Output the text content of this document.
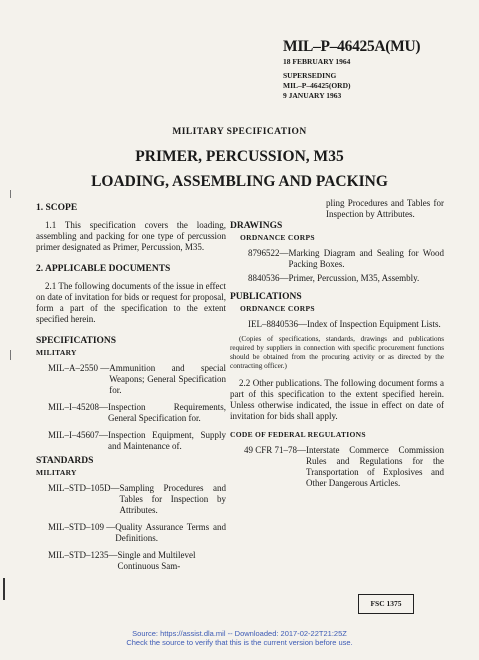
MIL–P–46425A(MU)
18 FEBRUARY 1964
SUPERSEDING
MIL–P–46425(ORD)
9 JANUARY 1963
MILITARY SPECIFICATION
PRIMER, PERCUSSION, M35
LOADING, ASSEMBLING AND PACKING

1. SCOPE

1.1 This specification covers the loading, assembling and packing for one type of percussion primer designated as Primer, Percussion, M35.

2. APPLICABLE DOCUMENTS

2.1 The following documents of the issue in effect on date of invitation for bids or request for proposal, form a part of the specification to the extent specified herein.

SPECIFICATIONS

MILITARY

MIL–A–2550 — Ammunition and special Weapons; General Specification for.
MIL–I–45208— Inspection Requirements, General Specification for.
MIL–I–45607— Inspection Equipment, Supply and Maintenance of.

STANDARDS

MILITARY

MIL–STD–105D— Sampling Procedures and Tables for Inspection by Attributes.
MIL–STD–109 — Quality Assurance Terms and Definitions.
MIL–STD–1235— Single and Multilevel
Continuous Sam-
pling Procedures and Tables for Inspection by Attributes.

DRAWINGS

ORDNANCE CORPS

8796522— Marking Diagram and Sealing for Wood Packing Boxes.
8840536— Primer, Percussion, M35, Assembly.

PUBLICATIONS

ORDNANCE CORPS

IEL–8840536— Index of Inspection Equipment Lists.

(Copies of specifications, standards, drawings and publications required by suppliers in connection with specific procurement functions should be obtained from the procuring activity or as directed by the contracting officer.)

2.2 Other publications. The following document forms a part of this specification to the extent specified herein. Unless otherwise indicated, the issue in effect on date of invitation for bids shall apply.

CODE OF FEDERAL REGULATIONS

49 CFR 71–78— Interstate Commerce Commission Rules and Regulations for the Transportation of Explosives and Other Dangerous Articles.
FSC 1375
Source: https://assist.dla.mil -- Downloaded: 2017-02-22T21:25Z
Check the source to verify that this is the current version before use.
